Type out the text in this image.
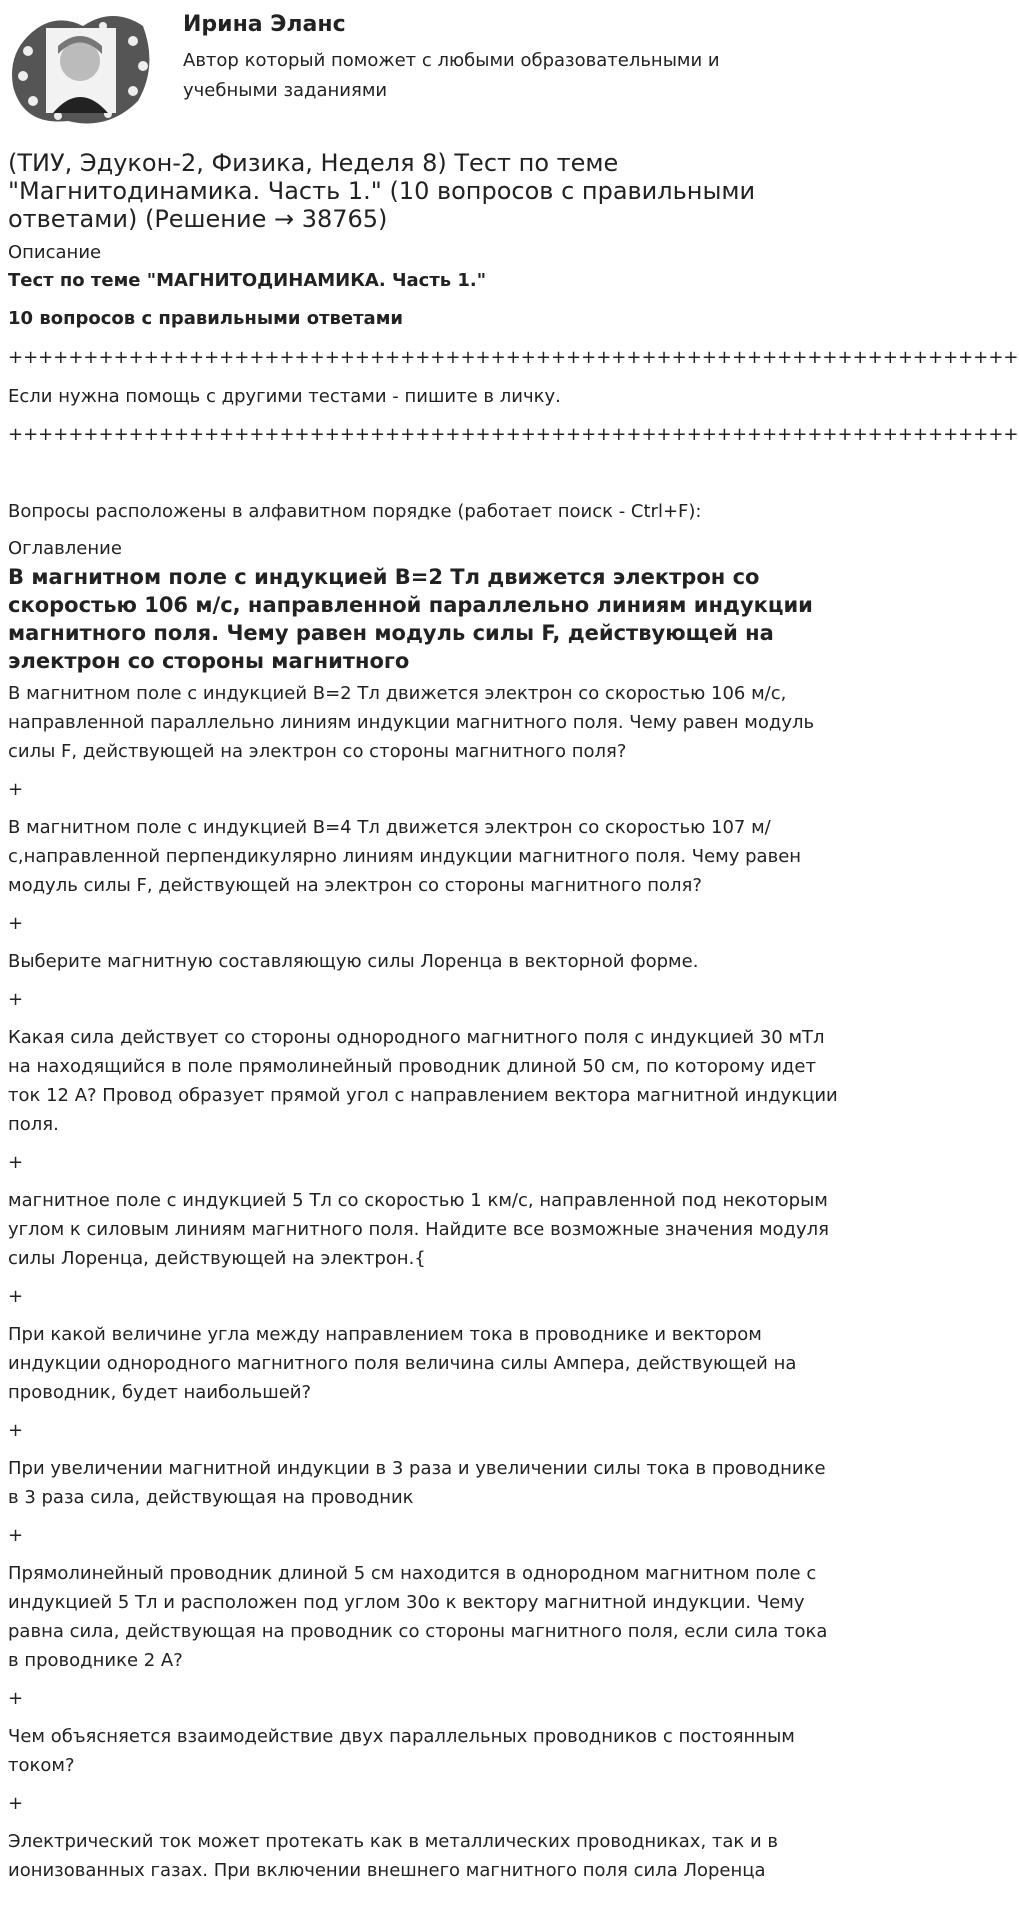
Ирина Эланс
Автор который поможет с любыми образовательными и учебными заданиями
(ТИУ, Эдукон-2, Физика, Неделя 8) Тест по теме "Магнитодинамика. Часть 1." (10 вопросов с правильными ответами) (Решение → 38765)
Описание
Тест по теме "МАГНИТОДИНАМИКА. Часть 1."
10 вопросов с правильными ответами
+++++++++++++++++++++++++++++++++++++++++++++++++++++++++++++++++++

Если нужна помощь с другими тестами - пишите в личку.

+++++++++++++++++++++++++++++++++++++++++++++++++++++++++++++++++++

Вопросы расположены в алфавитном порядке (работает поиск - Ctrl+F):

Оглавление
В магнитном поле с индукцией B=2 Тл движется электрон со скоростью 106 м/с, направленной параллельно линиям индукции магнитного поля. Чему равен модуль силы F, действующей на электрон со стороны магнитного

В магнитном поле с индукцией B=2 Тл движется электрон со скоростью 106 м/с, направленной параллельно линиям индукции магнитного поля. Чему равен модуль силы F, действующей на электрон со стороны магнитного поля?

+

В магнитном поле с индукцией B=4 Тл движется электрон со скоростью 107 м/с,направленной перпендикулярно линиям индукции магнитного поля. Чему равен модуль силы F, действующей на электрон со стороны магнитного поля?

+

Выберите магнитную составляющую силы Лоренца в векторной форме.

+

Какая сила действует со стороны однородного магнитного поля с индукцией 30 мТл на находящийся в поле прямолинейный проводник длиной 50 см, по которому идет ток 12 А? Провод образует прямой угол с направлением вектора магнитной индукции поля.

+

магнитное поле с индукцией 5 Тл со скоростью 1 км/с, направленной под некоторым углом к силовым линиям магнитного поля. Найдите все возможные значения модуля силы Лоренца, действующей на электрон.{

+

При какой величине угла между направлением тока в проводнике и вектором индукции однородного магнитного поля величина силы Ампера, действующей на проводник, будет наибольшей?

+

При увеличении магнитной индукции в 3 раза и увеличении силы тока в проводнике в 3 раза сила, действующая на проводник

+

Прямолинейный проводник длиной 5 см находится в однородном магнитном поле с индукцией 5 Тл и расположен под углом 30о к вектору магнитной индукции. Чему равна сила, действующая на проводник со стороны магнитного поля, если сила тока в проводнике 2 А?

+

Чем объясняется взаимодействие двух параллельных проводников с постоянным током?

+

Электрический ток может протекать как в металлических проводниках, так и в ионизованных газах. При включении внешнего магнитного поля сила Лоренца
